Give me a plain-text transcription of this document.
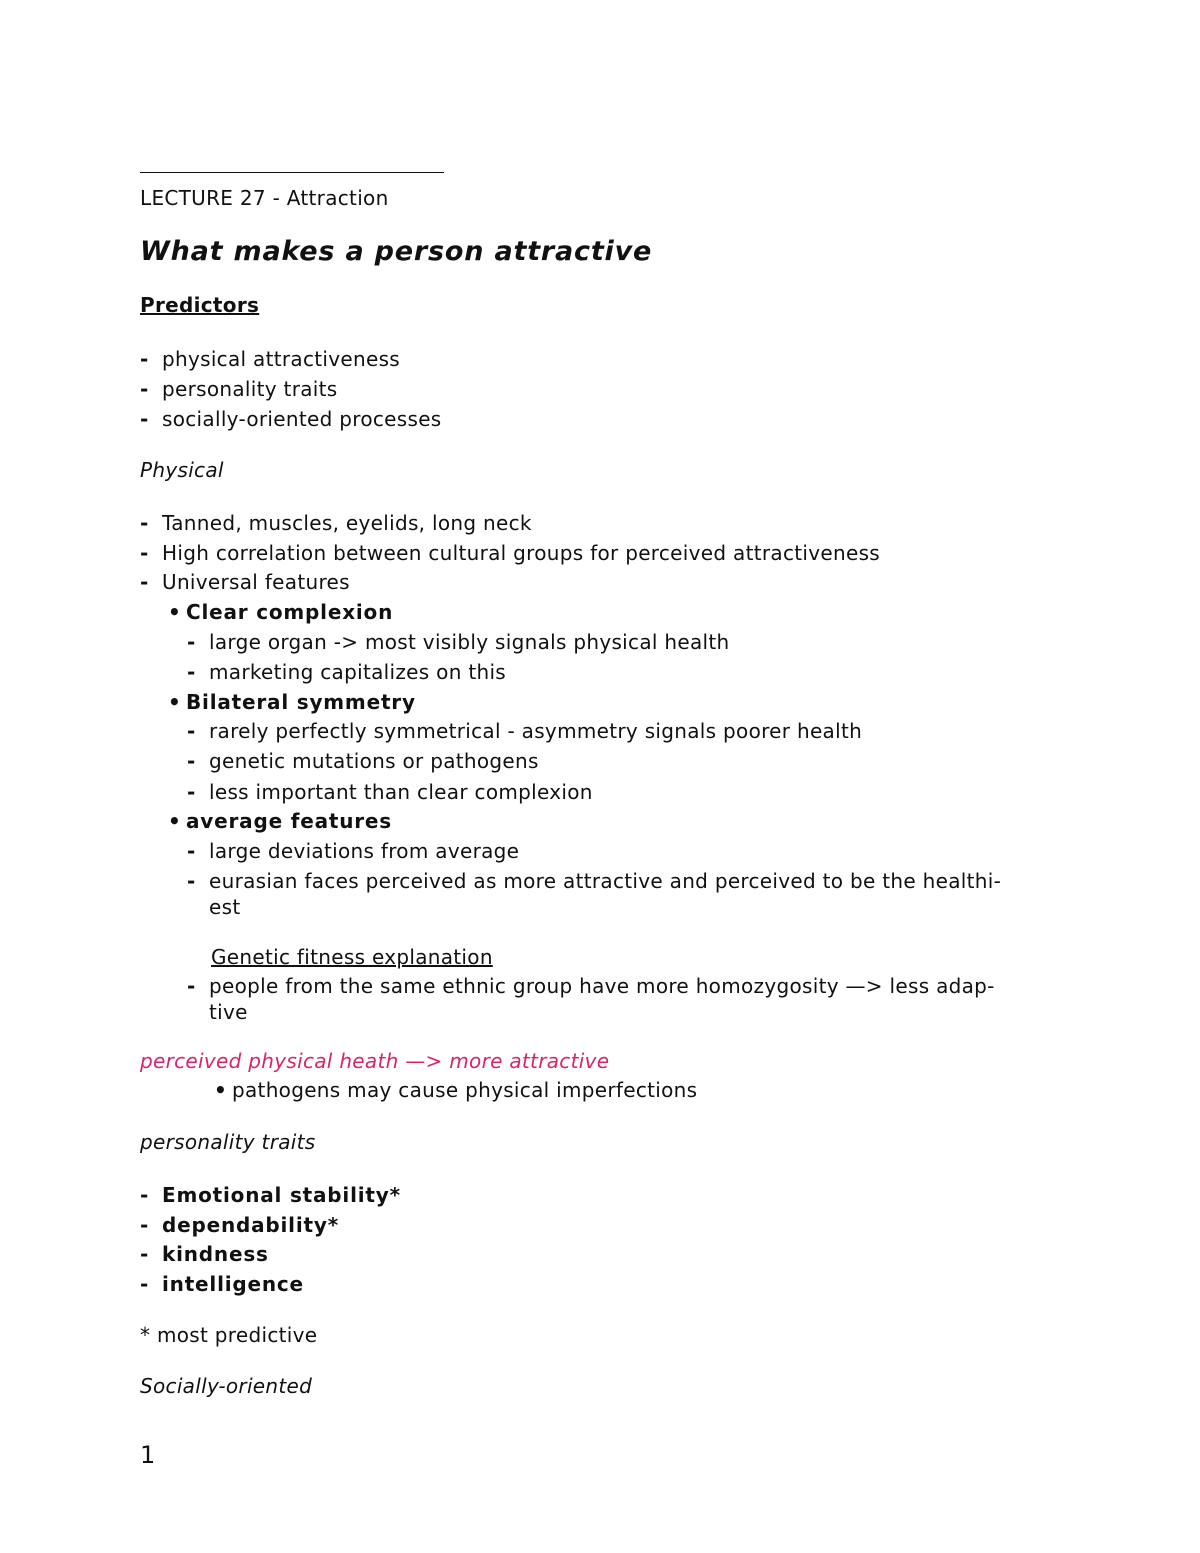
LECTURE 27 - Attraction
What makes a person attractive
Predictors
- physical attractiveness
- personality traits
- socially-oriented processes
Physical
- Tanned, muscles, eyelids, long neck
- High correlation between cultural groups for perceived attractiveness
- Universal features
• Clear complexion
- large organ -> most visibly signals physical health
- marketing capitalizes on this
• Bilateral symmetry
- rarely perfectly symmetrical - asymmetry signals poorer health
- genetic mutations or pathogens
- less important than clear complexion
• average features
- large deviations from average
- eurasian faces perceived as more attractive and perceived to be the healthi-
est
Genetic fitness explanation
- people from the same ethnic group have more homozygosity —> less adap-
tive
perceived physical heath —> more attractive
• pathogens may cause physical imperfections
personality traits
- Emotional stability*
- dependability*
- kindness
- intelligence
* most predictive
Socially-oriented
1
